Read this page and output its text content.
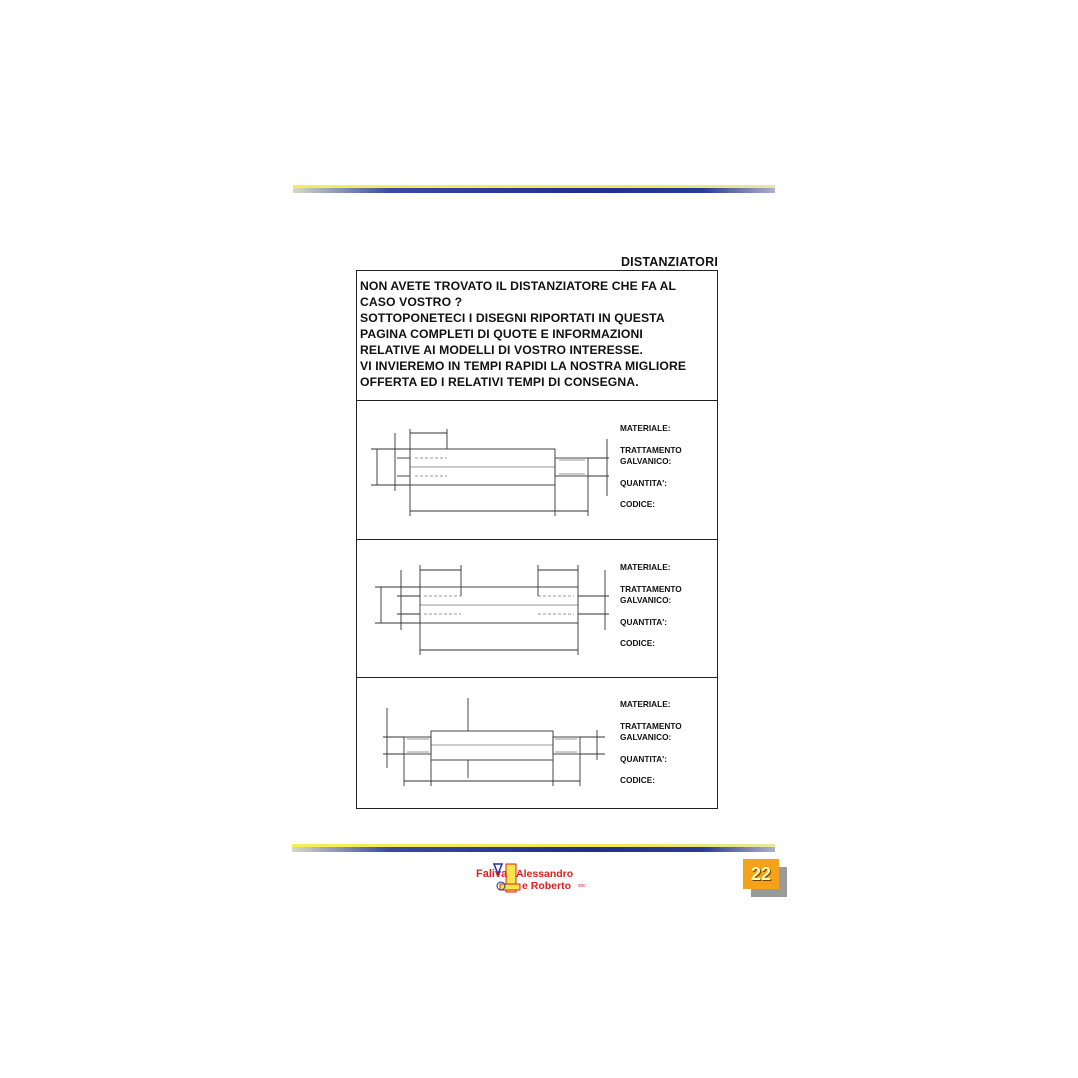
DISTANZIATORI
NON AVETE TROVATO IL DISTANZIATORE CHE FA AL
CASO VOSTRO ?
SOTTOPONETECI I DISEGNI RIPORTATI IN QUESTA
PAGINA COMPLETI DI QUOTE E INFORMAZIONI
RELATIVE AI MODELLI DI VOSTRO INTERESSE.
VI INVIEREMO IN TEMPI RAPIDI LA NOSTRA MIGLIORE
OFFERTA ED I RELATIVI TEMPI DI CONSEGNA.
MATERIALE:
TRATTAMENTO
GALVANICO:
QUANTITA':
CODICE:
MATERIALE:
TRATTAMENTO
GALVANICO:
QUANTITA':
CODICE:
MATERIALE:
TRATTAMENTO
GALVANICO:
QUANTITA':
CODICE:
Faliva Alessandro
e Roberto snc
22
